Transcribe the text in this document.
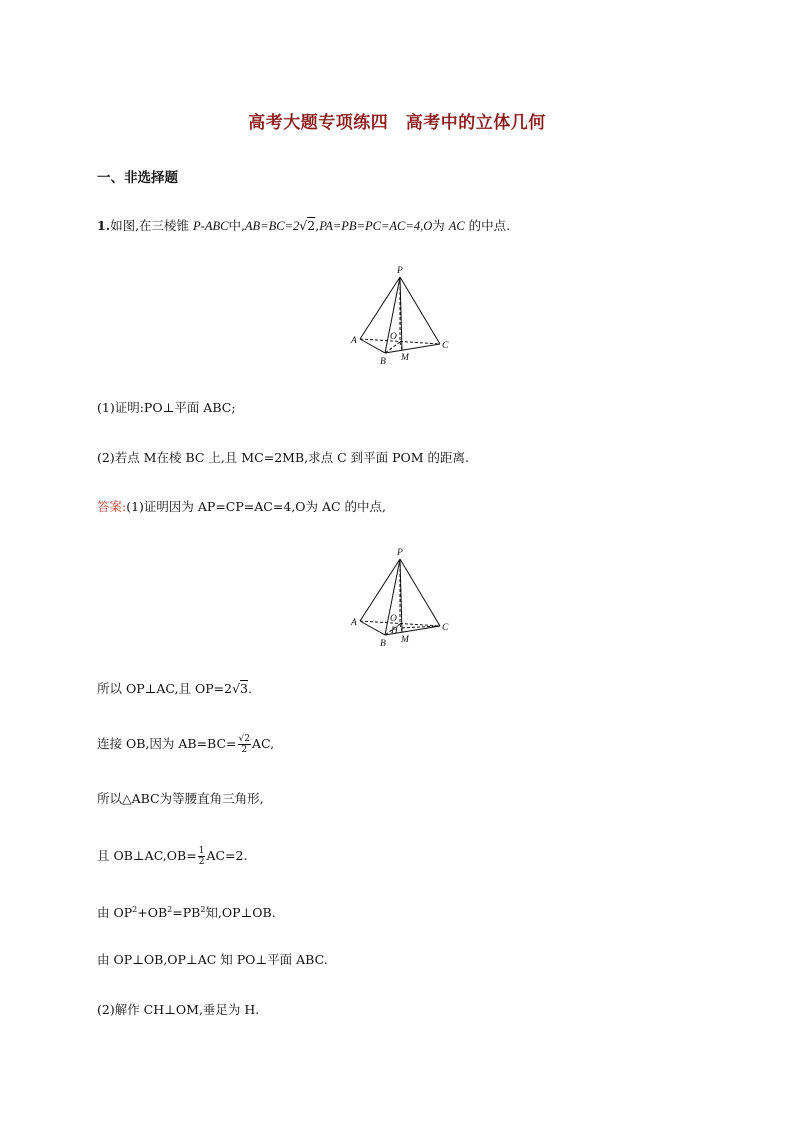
高考大题专项练四　高考中的立体几何
一、非选择题
1.如图,在三棱锥 P-ABC中,AB=BC=2√2,PA=PB=PC=AC=4,O为 AC 的中点.
P
A
B
C
O
M
(1)证明:PO⊥平面 ABC;
(2)若点 M在棱 BC 上,且 MC=2MB,求点 C 到平面 POM 的距离.
答案:(1)证明因为 AP=CP=AC=4,O为 AC 的中点,
P
A
B
C
O
H
M
所以 OP⊥AC,且 OP=2√3.
连接 OB,因为 $AB=BC= \frac{√2}{2}$ AC,
所以△ABC为等腰直角三角形,
且 OB⊥AC,OB= $\frac{1}{2} AC=2$.
由 $OP^2+OB^2=PB^2$知,OP⊥OB.
由 OP⊥OB,OP⊥AC 知 PO⊥平面 ABC.
(2)解作 CH⊥OM,垂足为 H.
